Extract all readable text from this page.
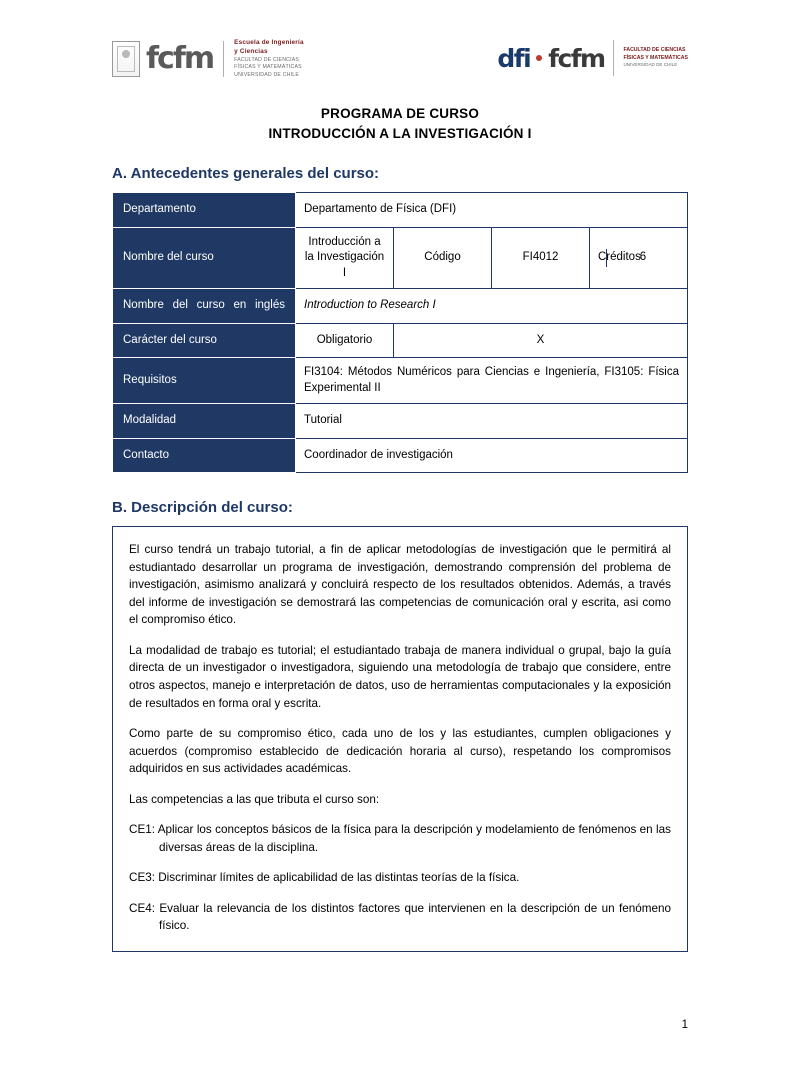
fcfm	Escuela de Ingeniería
y Ciencias
FACULTAD DE CIENCIAS
FÍSICAS Y MATEMÁTICAS
UNIVERSIDAD DE CHILE
dfi fcfm	FACULTAD DE CIENCIAS
FÍSICAS Y MATEMÁTICAS
UNIVERSIDAD DE CHILE
PROGRAMA DE CURSO
INTRODUCCIÓN A LA INVESTIGACIÓN I
A. Antecedentes generales del curso:
Departamento	Departamento de Física (DFI)
Nombre del curso	Introducción a la Investigación I	Código	FI4012		Créditos	6

Nombre del curso en inglés	Introduction to Research I
Carácter del curso	Obligatorio	X
Requisitos	FI3104: Métodos Numéricos para Ciencias e Ingeniería, FI3105: Física Experimental II
Modalidad	Tutorial
Contacto	Coordinador de investigación
B. Descripción del curso:

El curso tendrá un trabajo tutorial, a fin de aplicar metodologías de investigación que le permitirá al estudiantado desarrollar un programa de investigación, demostrando comprensión del problema de investigación, asimismo analizará y concluirá respecto de los resultados obtenidos. Además, a través del informe de investigación se demostrará las competencias de comunicación oral y escrita, asi como el compromiso ético.

La modalidad de trabajo es tutorial; el estudiantado trabaja de manera individual o grupal, bajo la guía directa de un investigador o investigadora, siguiendo una metodología de trabajo que considere, entre otros aspectos, manejo e interpretación de datos, uso de herramientas computacionales y la exposición de resultados en forma oral y escrita.

Como parte de su compromiso ético, cada uno de los y las estudiantes, cumplen obligaciones y acuerdos (compromiso establecido de dedicación horaria al curso), respetando los compromisos adquiridos en sus actividades académicas.

Las competencias a las que tributa el curso son:

CE1: Aplicar los conceptos básicos de la física para la descripción y modelamiento de fenómenos en las diversas áreas de la disciplina.

CE3: Discriminar límites de aplicabilidad de las distintas teorías de la física.

CE4: Evaluar la relevancia de los distintos factores que intervienen en la descripción de un fenómeno físico.

1
